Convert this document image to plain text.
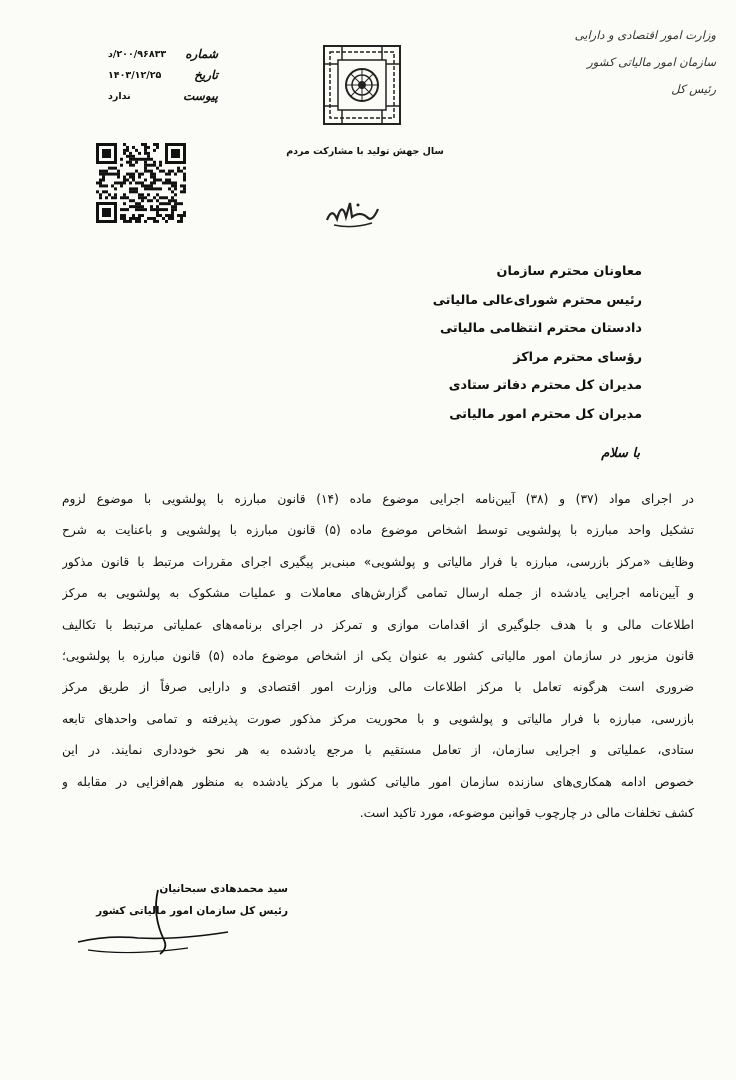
وزارت امور اقتصادی و دارایی
سازمان امور مالیاتی کشور
رئیس کل
سال جهش تولید با مشارکت مردم
شماره
۲۰۰/۹۶۸۳۳/د
تاریخ
۱۴۰۳/۱۲/۲۵
پیوست
ندارد
معاونان محترم سازمان
رئیس محترم شورای‌عالی مالیاتی
دادستان محترم انتظامی مالیاتی
رؤسای محترم مراکز
مدیران کل محترم دفاتر ستادی
مدیران کل محترم امور مالیاتی
با سلام
در اجرای مواد (۳۷) و (۳۸) آیین‌نامه اجرایی موضوع ماده (۱۴) قانون مبارزه با پولشویی با موضوع لزوم
تشکیل واحد مبارزه با پولشویی توسط اشخاص موضوع ماده (۵) قانون مبارزه با پولشویی و باعنایت به شرح
وظایف «مرکز بازرسی، مبارزه با فرار مالیاتی و پولشویی» مبنی‌بر پیگیری اجرای مقررات مرتبط با قانون مذکور
و آیین‌نامه اجرایی یادشده از جمله ارسال تمامی گزارش‌های معاملات و عملیات مشکوک به پولشویی به مرکز
اطلاعات مالی و با هدف جلوگیری از اقدامات موازی و تمرکز در اجرای برنامه‌های عملیاتی مرتبط با تکالیف
قانون مزبور در سازمان امور مالیاتی کشور به عنوان یکی از اشخاص موضوع ماده (۵) قانون مبارزه با پولشویی؛
ضروری است هرگونه تعامل با مرکز اطلاعات مالی وزارت امور اقتصادی و دارایی صرفاً از طریق مرکز
بازرسی، مبارزه با فرار مالیاتی و پولشویی و با محوریت مرکز مذکور صورت پذیرفته و تمامی واحدهای تابعه
ستادی، عملیاتی و اجرایی سازمان، از تعامل مستقیم با مرجع یادشده به هر نحو خودداری نمایند. در این
خصوص ادامه همکاری‌های سازنده سازمان امور مالیاتی کشور با مرکز یادشده به منظور هم‌افزایی در مقابله و
کشف تخلفات مالی در چارچوب قوانین موضوعه، مورد تاکید است.
سید محمدهادی سبحانیان
رئیس کل سازمان امور مالیاتی کشور
